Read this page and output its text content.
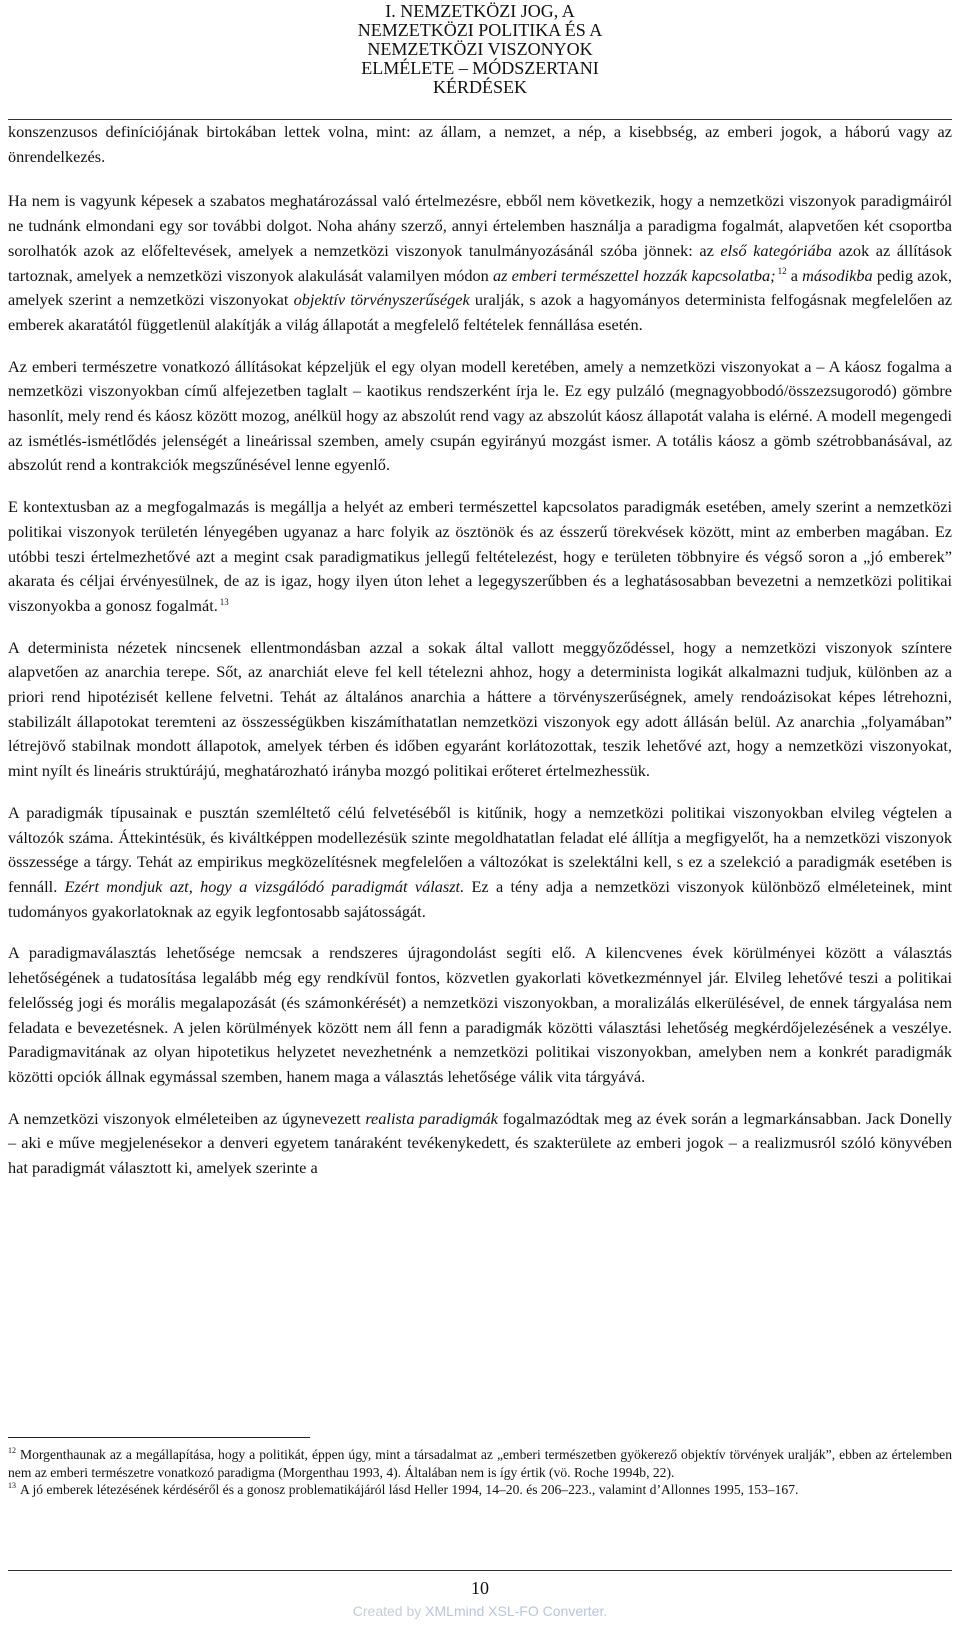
I. NEMZETKÖZI JOG, A
NEMZETKÖZI POLITIKA ÉS A
NEMZETKÖZI VISZONYOK
ELMÉLETE – MÓDSZERTANI
KÉRDÉSEK

konszenzusos definíciójának birtokában lettek volna, mint: az állam, a nemzet, a nép, a kisebbség, az emberi jogok, a háború vagy az önrendelkezés.

Ha nem is vagyunk képesek a szabatos meghatározással való értelmezésre, ebből nem következik, hogy a nemzetközi viszonyok paradigmáiról ne tudnánk elmondani egy sor további dolgot. Noha ahány szerző, annyi értelemben használja a paradigma fogalmát, alapvetően két csoportba sorolhatók azok az előfeltevések, amelyek a nemzetközi viszonyok tanulmányozásánál szóba jönnek: az első kategóriába azok az állítások tartoznak, amelyek a nemzetközi viszonyok alakulását valamilyen módon az emberi természettel hozzák kapcsolatba; $^{12}$ a másodikba pedig azok, amelyek szerint a nemzetközi viszonyokat objektív törvényszerűségek uralják, s azok a hagyományos determinista felfogásnak megfelelően az emberek akaratától függetlenül alakítják a világ állapotát a megfelelő feltételek fennállása esetén.

Az emberi természetre vonatkozó állításokat képzeljük el egy olyan modell keretében, amely a nemzetközi viszonyokat a – A káosz fogalma a nemzetközi viszonyokban című alfejezetben taglalt – kaotikus rendszerként írja le. Ez egy pulzáló (megnagyobbodó/összezsugorodó) gömbre hasonlít, mely rend és káosz között mozog, anélkül hogy az abszolút rend vagy az abszolút káosz állapotát valaha is elérné. A modell megengedi az ismétlés-ismétlődés jelenségét a lineárissal szemben, amely csupán egyirányú mozgást ismer. A totális káosz a gömb szétrobbanásával, az abszolút rend a kontrakciók megszűnésével lenne egyenlő.

E kontextusban az a megfogalmazás is megállja a helyét az emberi természettel kapcsolatos paradigmák esetében, amely szerint a nemzetközi politikai viszonyok területén lényegében ugyanaz a harc folyik az ösztönök és az ésszerű törekvések között, mint az emberben magában. Ez utóbbi teszi értelmezhetővé azt a megint csak paradigmatikus jellegű feltételezést, hogy e területen többnyire és végső soron a „jó emberek” akarata és céljai érvényesülnek, de az is igaz, hogy ilyen úton lehet a legegyszerűbben és a leghatásosabban bevezetni a nemzetközi politikai viszonyokba a gonosz fogalmát. $^{13}$

A determinista nézetek nincsenek ellentmondásban azzal a sokak által vallott meggyőződéssel, hogy a nemzetközi viszonyok színtere alapvetően az anarchia terepe. Sőt, az anarchiát eleve fel kell tételezni ahhoz, hogy a determinista logikát alkalmazni tudjuk, különben az a priori rend hipotézisét kellene felvetni. Tehát az általános anarchia a háttere a törvényszerűségnek, amely rendoázisokat képes létrehozni, stabilizált állapotokat teremteni az összességükben kiszámíthatatlan nemzetközi viszonyok egy adott állásán belül. Az anarchia „folyamában” létrejövő stabilnak mondott állapotok, amelyek térben és időben egyaránt korlátozottak, teszik lehetővé azt, hogy a nemzetközi viszonyokat, mint nyílt és lineáris struktúrájú, meghatározható irányba mozgó politikai erőteret értelmezhessük.

A paradigmák típusainak e pusztán szemléltető célú felvetéséből is kitűnik, hogy a nemzetközi politikai viszonyokban elvileg végtelen a változók száma. Áttekintésük, és kiváltképpen modellezésük szinte megoldhatatlan feladat elé állítja a megfigyelőt, ha a nemzetközi viszonyok összessége a tárgy. Tehát az empirikus megközelítésnek megfelelően a változókat is szelektálni kell, s ez a szelekció a paradigmák esetében is fennáll. Ezért mondjuk azt, hogy a vizsgálódó paradigmát választ. Ez a tény adja a nemzetközi viszonyok különböző elméleteinek, mint tudományos gyakorlatoknak az egyik legfontosabb sajátosságát.

A paradigmaválasztás lehetősége nemcsak a rendszeres újragondolást segíti elő. A kilencvenes évek körülményei között a választás lehetőségének a tudatosítása legalább még egy rendkívül fontos, közvetlen gyakorlati következménnyel jár. Elvileg lehetővé teszi a politikai felelősség jogi és morális megalapozását (és számonkérését) a nemzetközi viszonyokban, a moralizálás elkerülésével, de ennek tárgyalása nem feladata e bevezetésnek. A jelen körülmények között nem áll fenn a paradigmák közötti választási lehetőség megkérdőjelezésének a veszélye. Paradigmavitának az olyan hipotetikus helyzetet nevezhetnénk a nemzetközi politikai viszonyokban, amelyben nem a konkrét paradigmák közötti opciók állnak egymással szemben, hanem maga a választás lehetősége válik vita tárgyává.

A nemzetközi viszonyok elméleteiben az úgynevezett realista paradigmák fogalmazódtak meg az évek során a legmarkánsabban. Jack Donelly – aki e műve megjelenésekor a denveri egyetem tanáraként tevékenykedett, és szakterülete az emberi jogok – a realizmusról szóló könyvében hat paradigmát választott ki, amelyek szerinte a

$^{12}$ Morgenthaunak az a megállapítása, hogy a politikát, éppen úgy, mint a társadalmat az „emberi természetben gyökerező objektív törvények uralják”, ebben az értelemben nem az emberi természetre vonatkozó paradigma (Morgenthau 1993, 4). Általában nem is így értik (vö. Roche 1994b, 22).

$^{13}$ A jó emberek létezésének kérdéséről és a gonosz problematikájáról lásd Heller 1994, 14–20. és 206–223., valamint d’Allonnes 1995, 153–167.

10
Created by XMLmind XSL-FO Converter.
